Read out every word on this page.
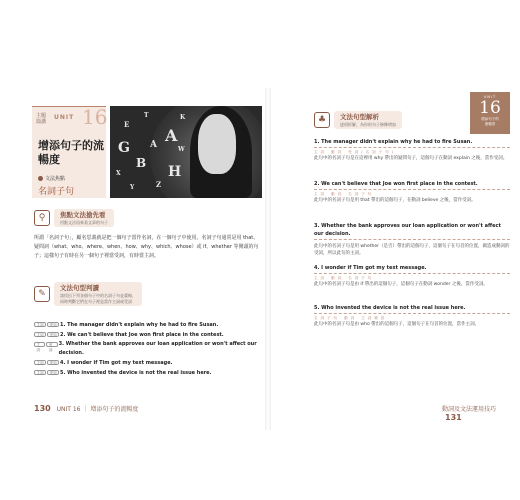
主題
篇講
UNIT 16
增添句子的流暢度
文法焦點
名詞子句
G
A
B
H
A
E
T
Z
X
K
Y
W
⚲	焦點文法搶先看
用點文法再來看文章的句子
所謂「名詞子句」，顧名思義就是把一個句子當作名詞，在一個句子中使用。名詞子句通常是用 that、疑問詞（what、who、where、when、how、why、which、whose）或 if、whether 等開頭的句子；這樣句子有時在另一個句子裡當受詞，有時當主詞。
✎
文法句型判讀
請找出下列各個句子中的名詞子句並畫線，
同時判斷它們在句子裡是當作主詞或受詞
主詞	受詞 1. The manager didn't explain why he had to fire Susan.
主詞	受詞 2. We can't believe that Joe won first place in the contest.
主詞
受詞
3. Whether the bank approves our loan application or won't affect our decision.
主詞	受詞 4. I wonder if Tim got my text message.
主詞	受詞 5. Who invented the device is not the real issue here.
130 UNIT 16 ｜ 增添句子的流暢度
♣	文法句型解析
逐項拆解，為你的句子修飾增加
1. The manager didn't explain why he had to fire Susan.
主詞 動詞 受詞(名詞子句)
此句中的名詞子句是在這裡用 why 帶出的疑問句子，這個句子在動詞 explain 之後，當作受詞。
2. We can't believe that Joe won first place in the contest.
主詞 動詞 名詞子句
此句中的名詞子句是用 that 帶出的這個句子，在動詞 believe 之後，當作受詞。
3. Whether the bank approves our loan application or won't affect our decision.
此句中的名詞子句是用 whether（是否）帶出的這個句子，這個句子在句首的位置，做造成動詞的受詞，所以此句的主詞。
4. I wonder if Tim got my text message.
主詞 動詞 名詞子句
此句中的名詞子句是由 if 帶出的這個句子，這個句子在動詞 wonder 之後，當作受詞。
5. Who invented the device is not the real issue here.
名詞子句 動詞 主詞補語
此句中的名詞子句是由 who 帶出的這個句子，這個句子在句首的位置，當作主詞。
動詞及文法運用技巧 131
UNIT
16
增添句子的
流暢度
